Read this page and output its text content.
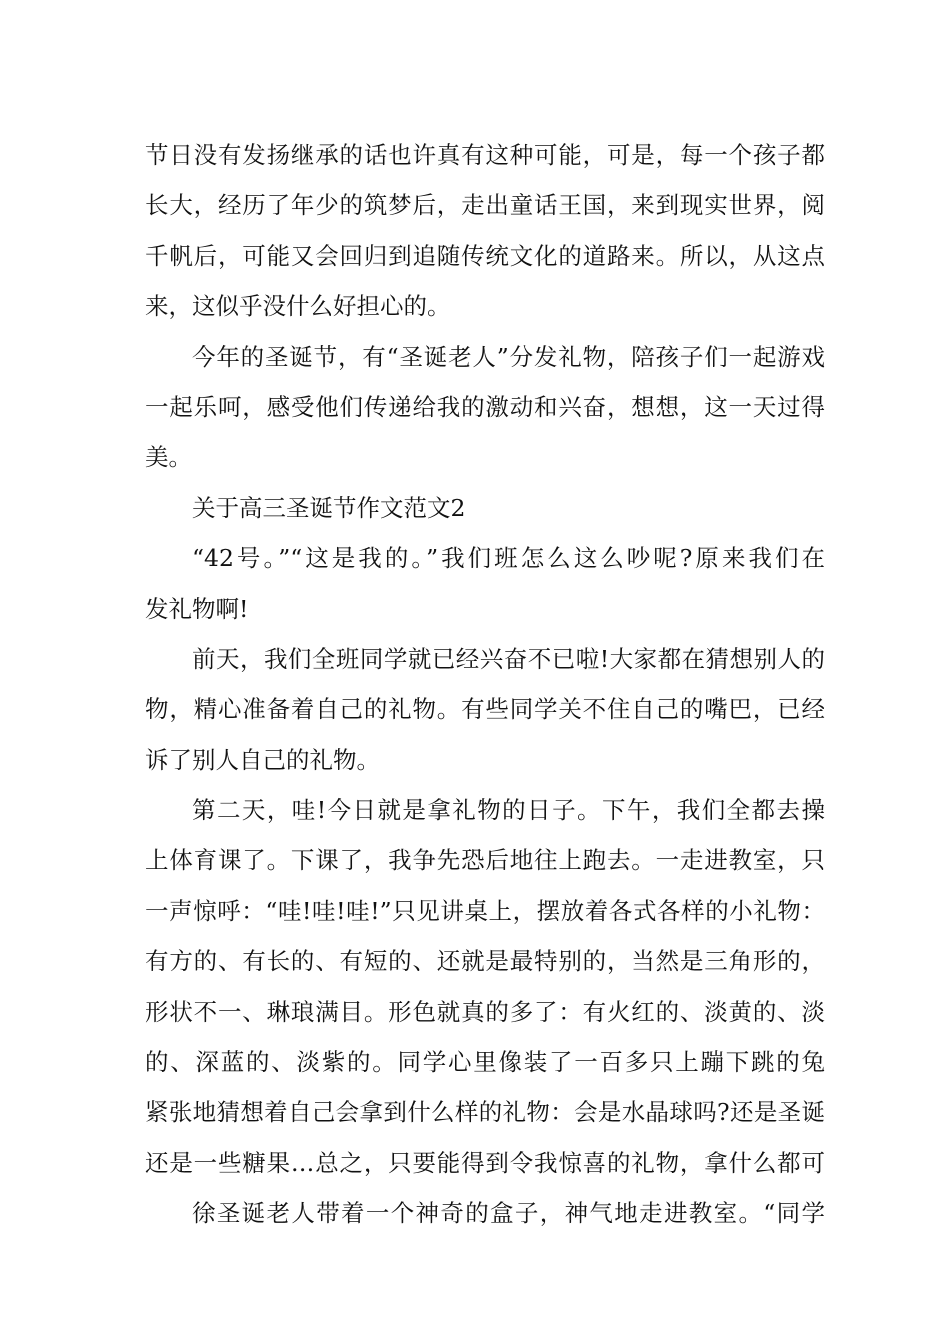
节日没有发扬继承的话也许真有这种可能，可是，每一个孩子都
长大，经历了年少的筑梦后，走出童话王国，来到现实世界，阅
千帆后，可能又会回归到追随传统文化的道路来。所以，从这点
来，这似乎没什么好担心的。
今年的圣诞节，有“圣诞老人”分发礼物，陪孩子们一起游戏
一起乐呵，感受他们传递给我的激动和兴奋，想想，这一天过得
美。
关于高三圣诞节作文范文2
“42号。”“这是我的。”我们班怎么这么吵呢?原来我们在
发礼物啊!
前天，我们全班同学就已经兴奋不已啦!大家都在猜想别人的
物，精心准备着自己的礼物。有些同学关不住自己的嘴巴，已经
诉了别人自己的礼物。
第二天，哇!今日就是拿礼物的日子。下午，我们全都去操
上体育课了。下课了，我争先恐后地往上跑去。一走进教室，只
一声惊呼：“哇!哇!哇!”只见讲桌上，摆放着各式各样的小礼物：
有方的、有长的、有短的、还就是最特别的，当然是三角形的，
形状不一、琳琅满目。形色就真的多了：有火红的、淡黄的、淡
的、深蓝的、淡紫的。同学心里像装了一百多只上蹦下跳的兔
紧张地猜想着自己会拿到什么样的礼物：会是水晶球吗?还是圣诞
还是一些糖果…总之，只要能得到令我惊喜的礼物，拿什么都可
徐圣诞老人带着一个神奇的盒子，神气地走进教室。“同学
